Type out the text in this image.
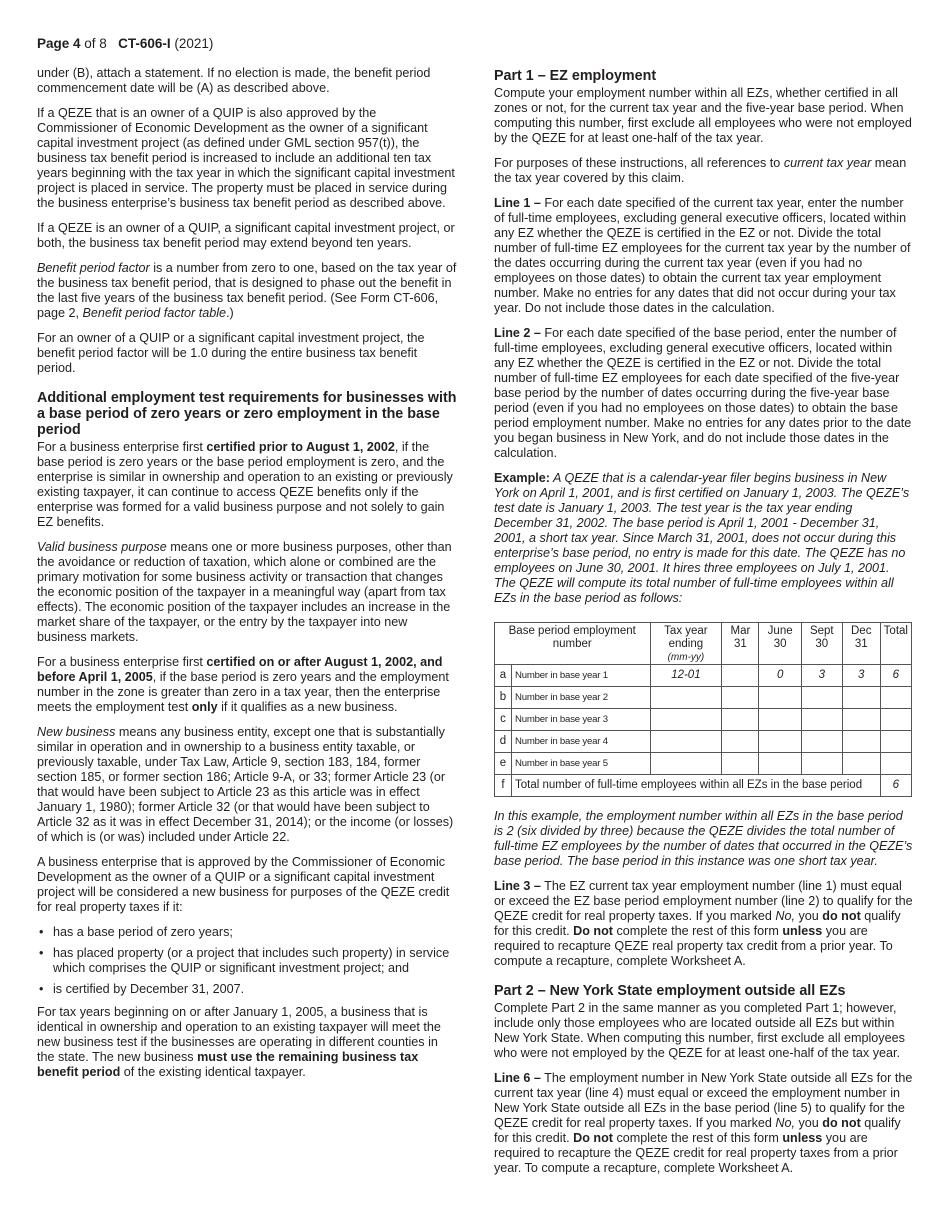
Page 4 of 8 CT-606-I (2021)

under (B), attach a statement. If no election is made, the benefit period commencement date will be (A) as described above.

If a QEZE that is an owner of a QUIP is also approved by the Commissioner of Economic Development as the owner of a significant capital investment project (as defined under GML section 957(t)), the business tax benefit period is increased to include an additional ten tax years beginning with the tax year in which the significant capital investment project is placed in service. The property must be placed in service during the business enterprise’s business tax benefit period as described above.

If a QEZE is an owner of a QUIP, a significant capital investment project, or both, the business tax benefit period may extend beyond ten years.

Benefit period factor is a number from zero to one, based on the tax year of the business tax benefit period, that is designed to phase out the benefit in the last five years of the business tax benefit period. (See Form CT-606, page 2, Benefit period factor table.)

For an owner of a QUIP or a significant capital investment project, the benefit period factor will be 1.0 during the entire business tax benefit period.

Additional employment test requirements for businesses with a base period of zero years or zero employment in the base period

For a business enterprise first certified prior to August 1, 2002, if the base period is zero years or the base period employment is zero, and the enterprise is similar in ownership and operation to an existing or previously existing taxpayer, it can continue to access QEZE benefits only if the enterprise was formed for a valid business purpose and not solely to gain EZ benefits.

Valid business purpose means one or more business purposes, other than the avoidance or reduction of taxation, which alone or combined are the primary motivation for some business activity or transaction that changes the economic position of the taxpayer in a meaningful way (apart from tax effects). The economic position of the taxpayer includes an increase in the market share of the taxpayer, or the entry by the taxpayer into new business markets.

For a business enterprise first certified on or after August 1, 2002, and before April 1, 2005, if the base period is zero years and the employment number in the zone is greater than zero in a tax year, then the enterprise meets the employment test only if it qualifies as a new business.

New business means any business entity, except one that is substantially similar in operation and in ownership to a business entity taxable, or previously taxable, under Tax Law, Article 9, section 183, 184, former section 185, or former section 186; Article 9-A, or 33; former Article 23 (or that would have been subject to Article 23 as this article was in effect January 1, 1980); former Article 32 (or that would have been subject to Article 32 as it was in effect December 31, 2014); or the income (or losses) of which is (or was) included under Article 22.

A business enterprise that is approved by the Commissioner of Economic Development as the owner of a QUIP or a significant capital investment project will be considered a new business for purposes of the QEZE credit for real property taxes if it:

• has a base period of zero years;
• has placed property (or a project that includes such property) in service which comprises the QUIP or significant investment project; and
• is certified by December 31, 2007.

For tax years beginning on or after January 1, 2005, a business that is identical in ownership and operation to an existing taxpayer will meet the new business test if the businesses are operating in different counties in the state. The new business must use the remaining business tax benefit period of the existing identical taxpayer.

Part 1 – EZ employment

Compute your employment number within all EZs, whether certified in all zones or not, for the current tax year and the five-year base period. When computing this number, first exclude all employees who were not employed by the QEZE for at least one-half of the tax year.

For purposes of these instructions, all references to current tax year mean the tax year covered by this claim.

Line 1 – For each date specified of the current tax year, enter the number of full-time employees, excluding general executive officers, located within any EZ whether the QEZE is certified in the EZ or not. Divide the total number of full-time EZ employees for the current tax year by the number of the dates occurring during the current tax year (even if you had no employees on those dates) to obtain the current tax year employment number. Make no entries for any dates that did not occur during your tax year. Do not include those dates in the calculation.

Line 2 – For each date specified of the base period, enter the number of full-time employees, excluding general executive officers, located within any EZ whether the QEZE is certified in the EZ or not. Divide the total number of full-time EZ employees for each date specified of the five-year base period by the number of dates occurring during the five-year base period (even if you had no employees on those dates) to obtain the base period employment number. Make no entries for any dates prior to the date you began business in New York, and do not include those dates in the calculation.

Example: A QEZE that is a calendar-year filer begins business in New York on April 1, 2001, and is first certified on January 1, 2003. The QEZE’s test date is January 1, 2003. The test year is the tax year ending December 31, 2002. The base period is April 1, 2001 - December 31, 2001, a short tax year. Since March 31, 2001, does not occur during this enterprise’s base period, no entry is made for this date. The QEZE has no employees on June 30, 2001. It hires three employees on July 1, 2001. The QEZE will compute its total number of full-time employees within all EZs in the base period as follows:

Base period employment number		Tax year ending
(mm-yy)	Mar 31	June 30	Sept 30	Dec 31	Total
a	Number in base year 1	12-01		0	3	3	6
b	Number in base year 2						
c	Number in base year 3						
d	Number in base year 4						
e	Number in base year 5						
f	Total number of full-time employees within all EZs in the base period						6

In this example, the employment number within all EZs in the base period is 2 (six divided by three) because the QEZE divides the total number of full-time EZ employees by the number of dates that occurred in the QEZE’s base period. The base period in this instance was one short tax year.

Line 3 – The EZ current tax year employment number (line 1) must equal or exceed the EZ base period employment number (line 2) to qualify for the QEZE credit for real property taxes. If you marked No, you do not qualify for this credit. Do not complete the rest of this form unless you are required to recapture QEZE real property tax credit from a prior year. To compute a recapture, complete Worksheet A.

Part 2 – New York State employment outside all EZs

Complete Part 2 in the same manner as you completed Part 1; however, include only those employees who are located outside all EZs but within New York State. When computing this number, first exclude all employees who were not employed by the QEZE for at least one-half of the tax year.

Line 6 – The employment number in New York State outside all EZs for the current tax year (line 4) must equal or exceed the employment number in New York State outside all EZs in the base period (line 5) to qualify for the QEZE credit for real property taxes. If you marked No, you do not qualify for this credit. Do not complete the rest of this form unless you are required to recapture the QEZE credit for real property taxes from a prior year. To compute a recapture, complete Worksheet A.
